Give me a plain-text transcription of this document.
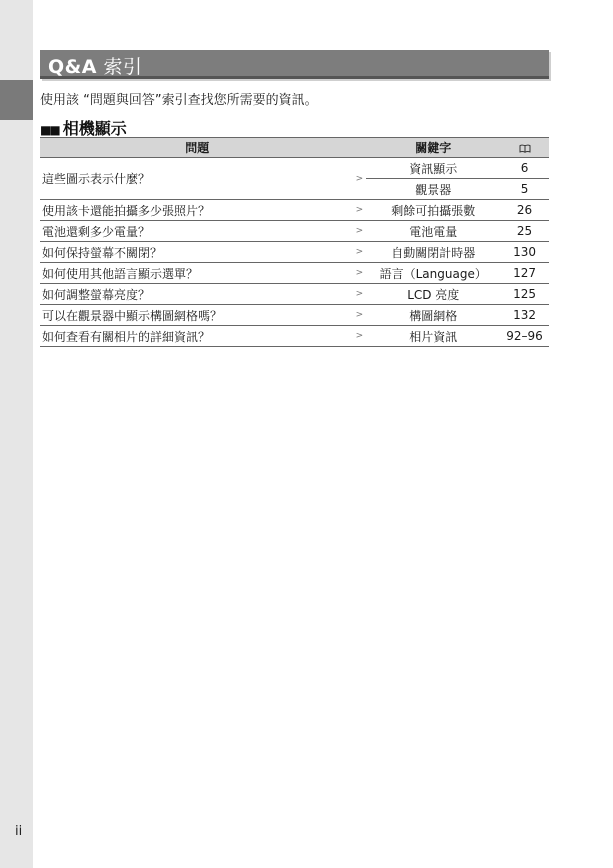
Q&A 索引
使用該 “問題與回答”索引查找您所需要的資訊。
■■ 相機顯示
問題		關鍵字	
這些圖示表示什麼？	>	資訊顯示	6
		觀景器	5
使用該卡還能拍攝多少張照片？	>	剩餘可拍攝張數	26
電池還剩多少電量？	>	電池電量	25
如何保持螢幕不關閉？	>	自動關閉計時器	130
如何使用其他語言顯示選單？	>	語言（Language）	127
如何調整螢幕亮度？	>	LCD 亮度	125
可以在觀景器中顯示構圖網格嗎？	>	構圖網格	132
如何查看有關相片的詳細資訊？	>	相片資訊	92–96
ii
